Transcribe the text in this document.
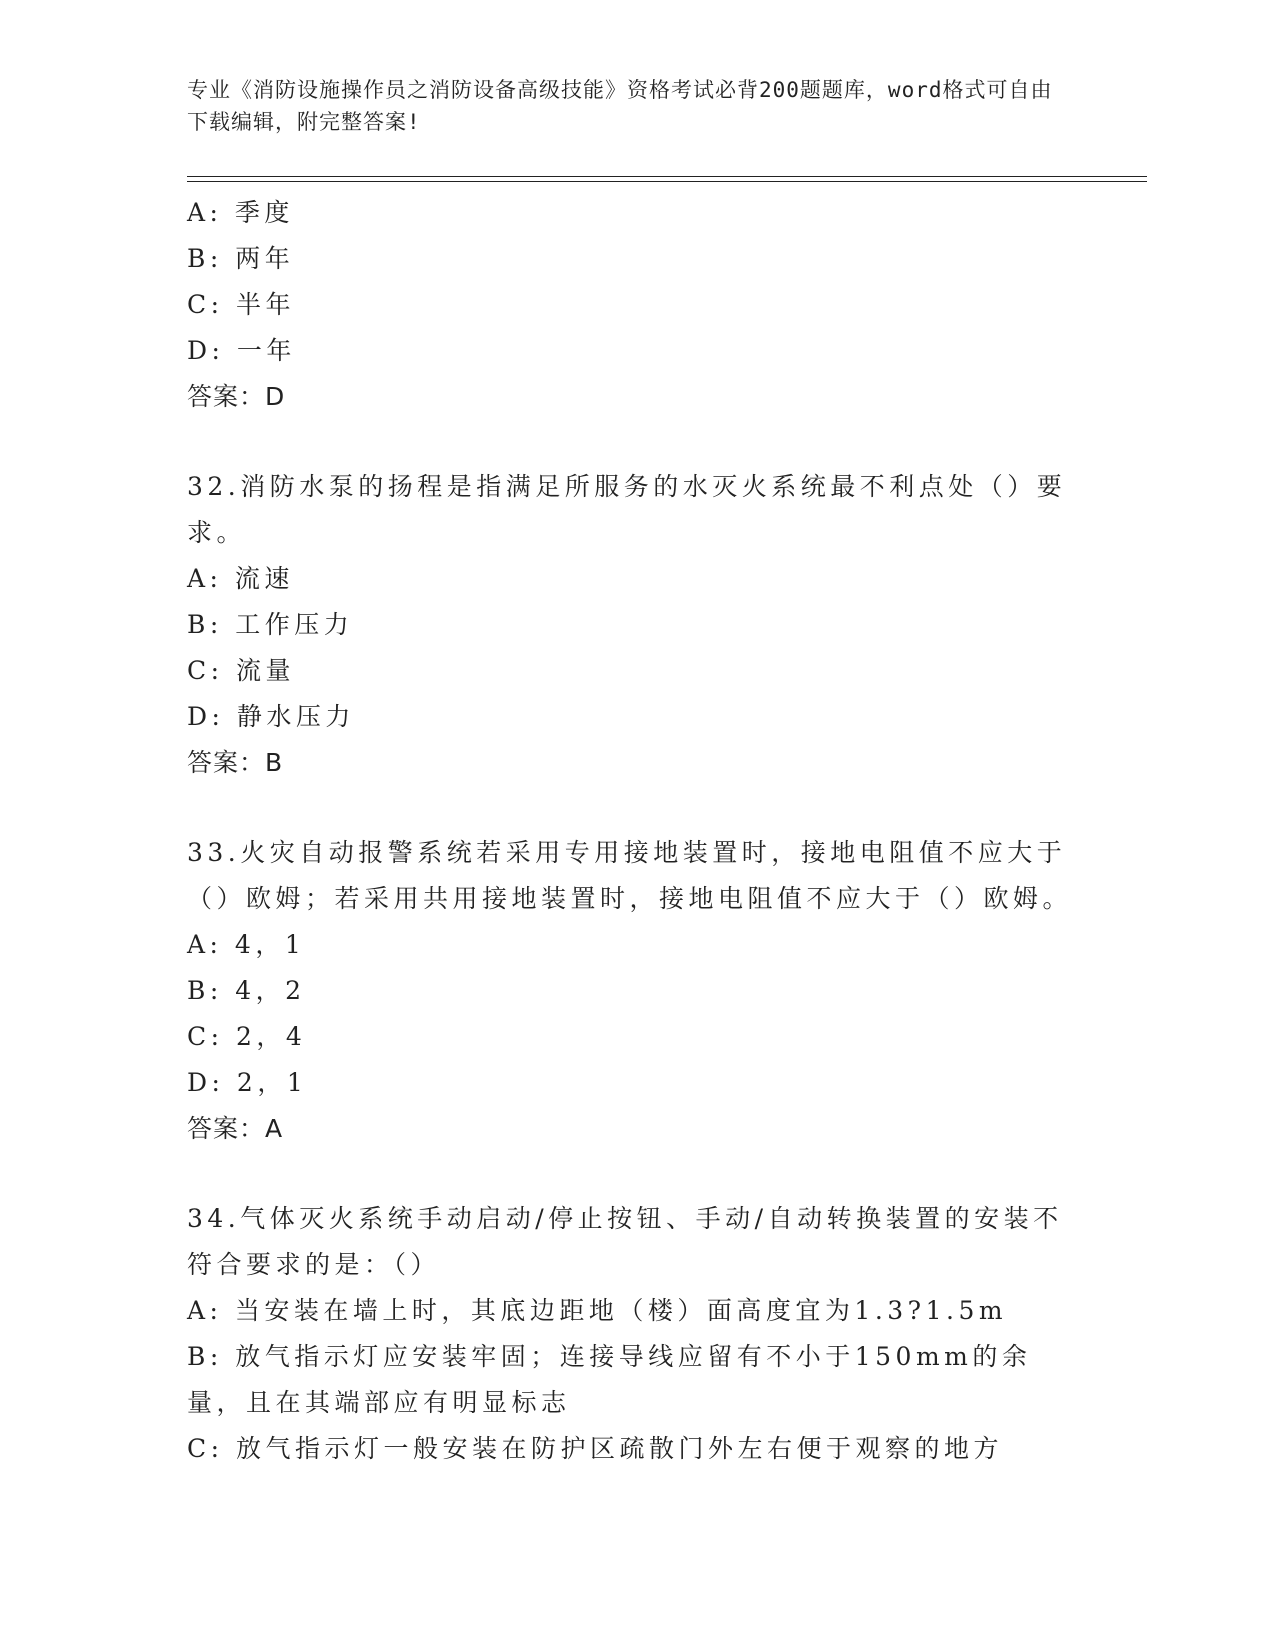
专业《消防设施操作员之消防设备高级技能》资格考试必背200题题库，word格式可自由下载编辑，附完整答案!
A: 季度
B: 两年
C: 半年
D: 一年
答案：D
32.消防水泵的扬程是指满足所服务的水灭火系统最不利点处（）要求。
A: 流速
B: 工作压力
C: 流量
D: 静水压力
答案：B
33.火灾自动报警系统若采用专用接地装置时，接地电阻值不应大于（）欧姆；若采用共用接地装置时，接地电阻值不应大于（）欧姆。
A: 4，1
B: 4，2
C: 2，4
D: 2，1
答案：A
34.气体灭火系统手动启动/停止按钮、手动/自动转换装置的安装不符合要求的是：（）
A: 当安装在墙上时，其底边距地（楼）面高度宜为1.3?1.5m
B: 放气指示灯应安装牢固；连接导线应留有不小于150mm的余量，且在其端部应有明显标志
C: 放气指示灯一般安装在防护区疏散门外左右便于观察的地方
